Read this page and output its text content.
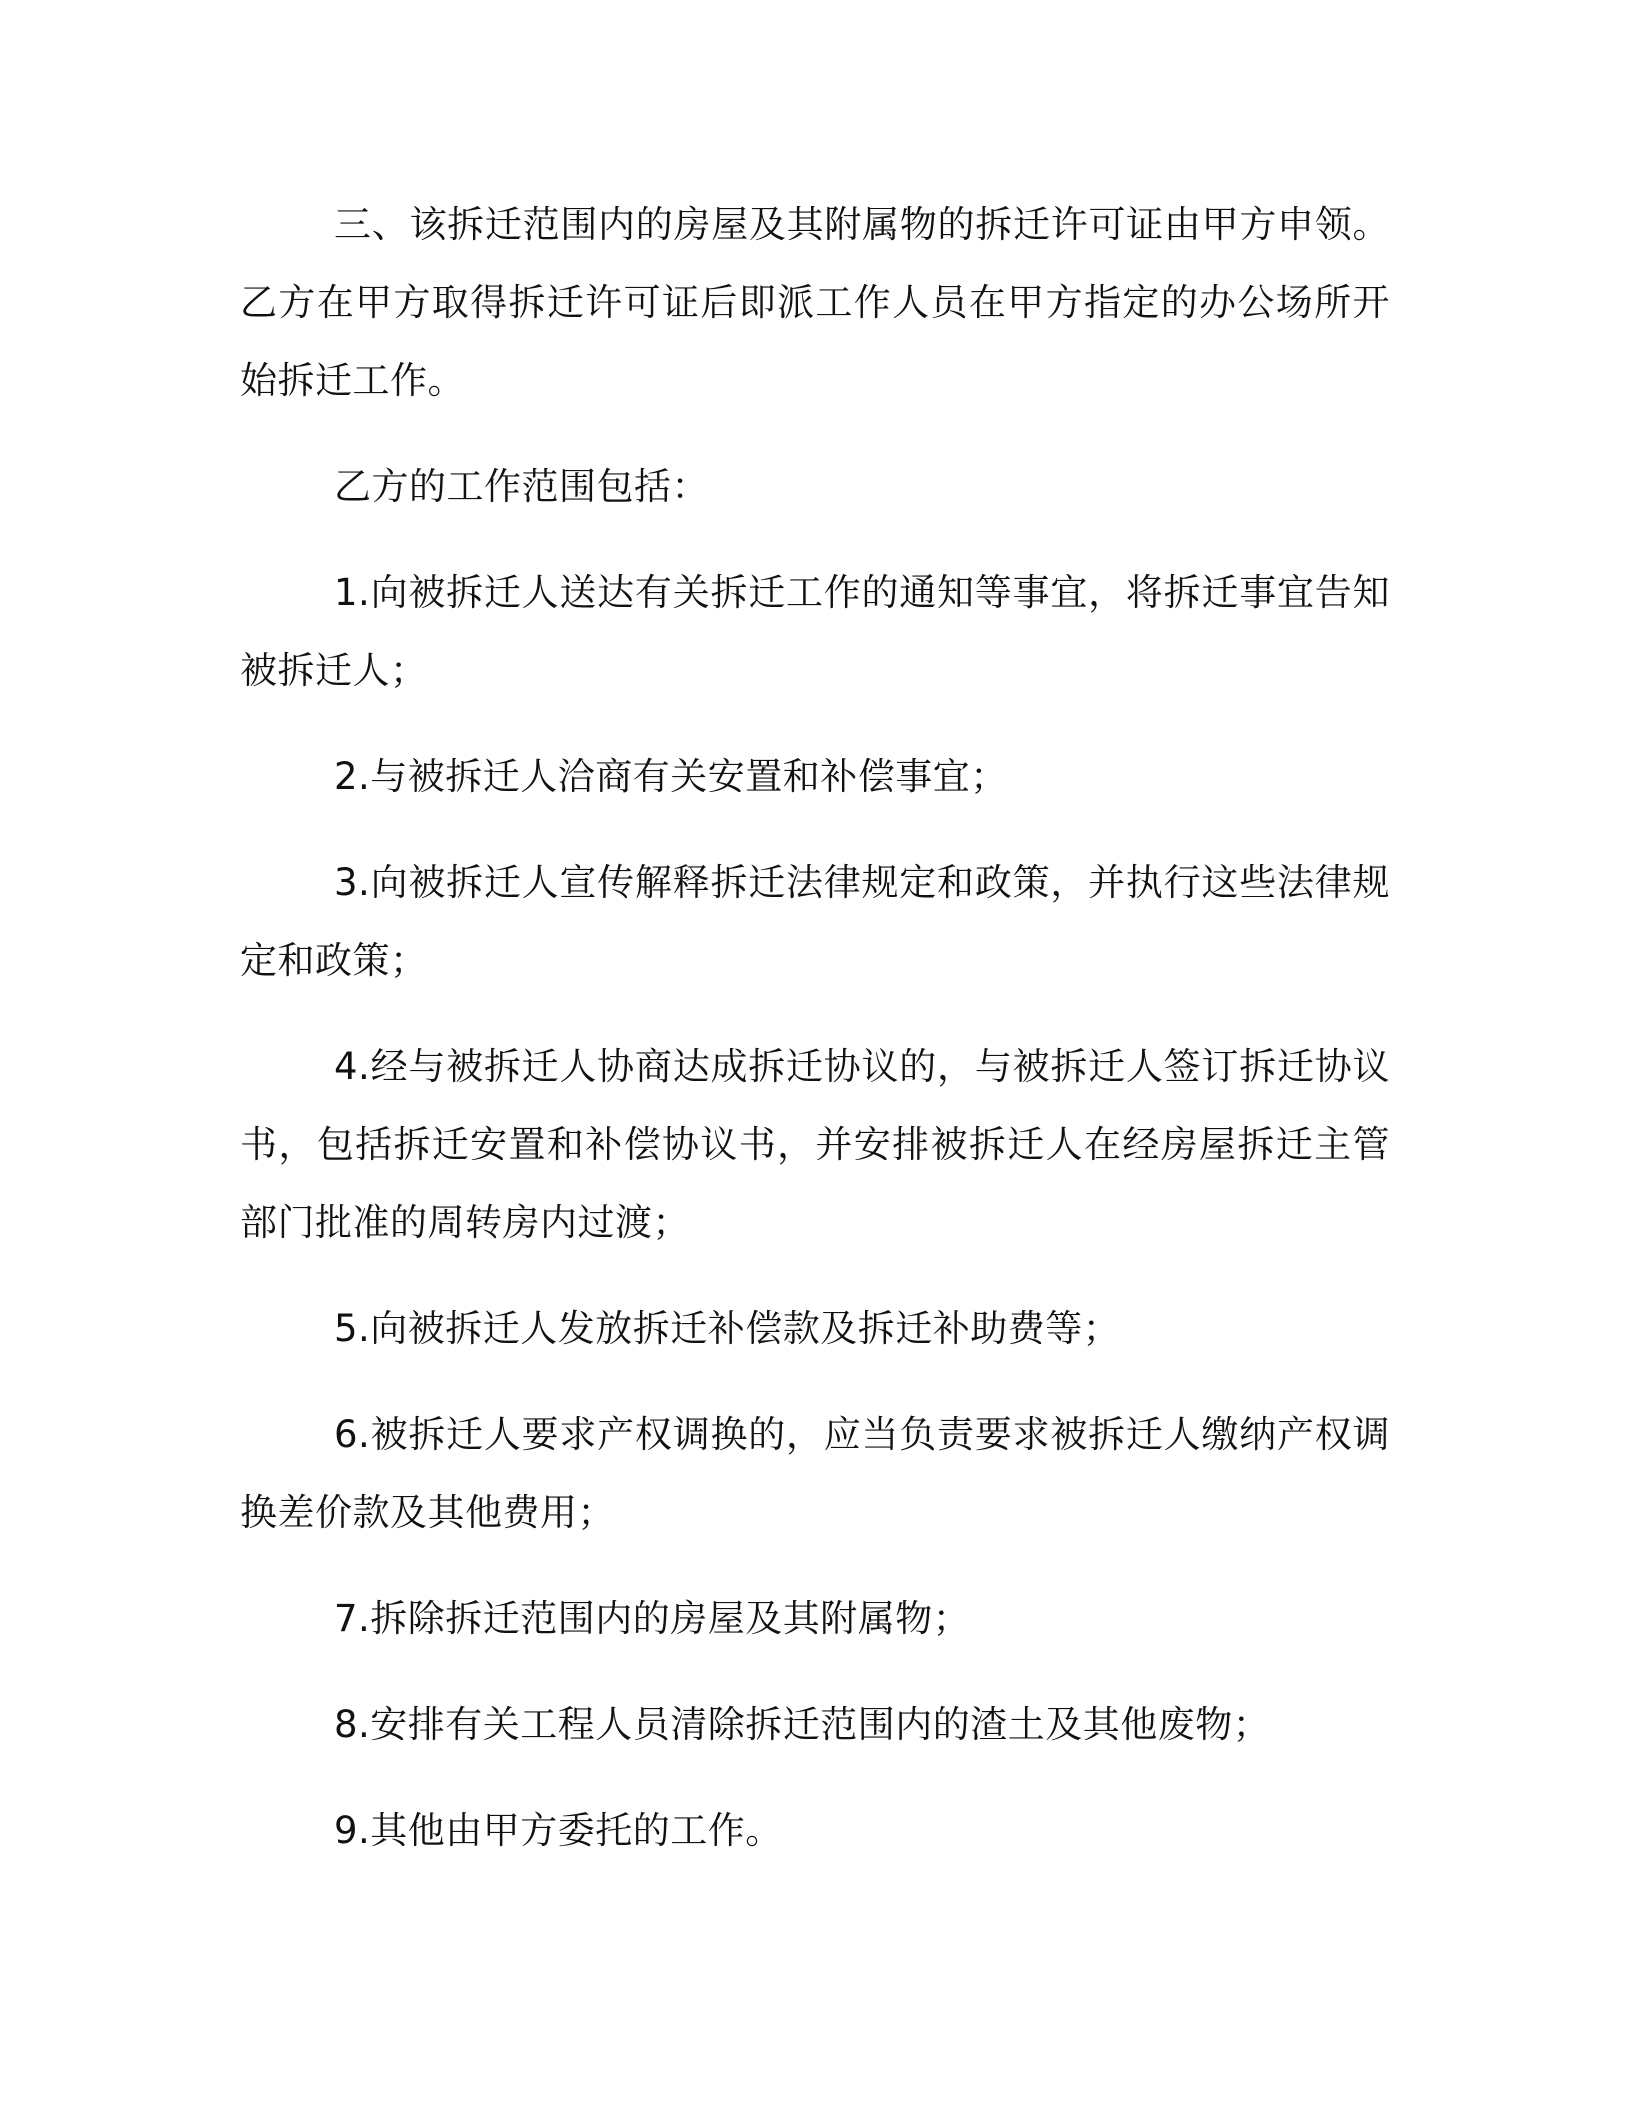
三、该拆迁范围内的房屋及其附属物的拆迁许可证由甲方申领。乙方在甲方取得拆迁许可证后即派工作人员在甲方指定的办公场所开始拆迁工作。

乙方的工作范围包括：

1.向被拆迁人送达有关拆迁工作的通知等事宜，将拆迁事宜告知被拆迁人；

2.与被拆迁人洽商有关安置和补偿事宜；

3.向被拆迁人宣传解释拆迁法律规定和政策，并执行这些法律规定和政策；

4.经与被拆迁人协商达成拆迁协议的，与被拆迁人签订拆迁协议书，包括拆迁安置和补偿协议书，并安排被拆迁人在经房屋拆迁主管部门批准的周转房内过渡；

5.向被拆迁人发放拆迁补偿款及拆迁补助费等；

6.被拆迁人要求产权调换的，应当负责要求被拆迁人缴纳产权调换差价款及其他费用；

7.拆除拆迁范围内的房屋及其附属物；

8.安排有关工程人员清除拆迁范围内的渣土及其他废物；

9.其他由甲方委托的工作。
